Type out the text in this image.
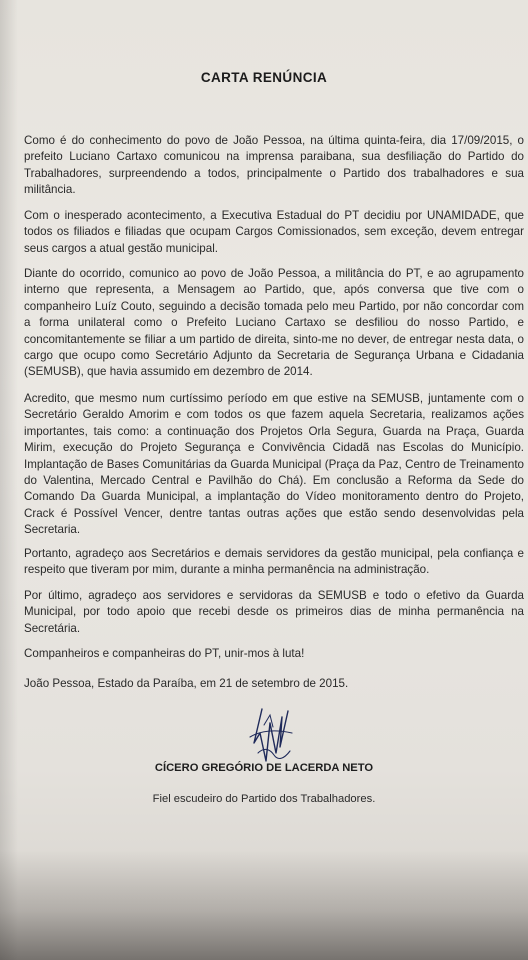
CARTA RENÚNCIA

Como é do conhecimento do povo de João Pessoa, na última quinta-feira, dia 17/09/2015, o prefeito Luciano Cartaxo comunicou na imprensa paraibana, sua desfiliação do Partido do Trabalhadores, surpreendendo a todos, principalmente o Partido dos trabalhadores e sua militância.

Com o inesperado acontecimento, a Executiva Estadual do PT decidiu por UNAMIDADE, que todos os filiados e filiadas que ocupam Cargos Comissionados, sem exceção, devem entregar seus cargos a atual gestão municipal.

Diante do ocorrido, comunico ao povo de João Pessoa, a militância do PT, e ao agrupamento interno que representa, a Mensagem ao Partido, que, após conversa que tive com o companheiro Luíz Couto, seguindo a decisão tomada pelo meu Partido, por não concordar com a forma unilateral como o Prefeito Luciano Cartaxo se desfiliou do nosso Partido, e concomitantemente se filiar a um partido de direita, sinto-me no dever, de entregar nesta data, o cargo que ocupo como Secretário Adjunto da Secretaria de Segurança Urbana e Cidadania (SEMUSB), que havia assumido em dezembro de 2014.

Acredito, que mesmo num curtíssimo período em que estive na SEMUSB, juntamente com o Secretário Geraldo Amorim e com todos os que fazem aquela Secretaria, realizamos ações importantes, tais como: a continuação dos Projetos Orla Segura, Guarda na Praça, Guarda Mirim, execução do Projeto Segurança e Convivência Cidadã nas Escolas do Município. Implantação de Bases Comunitárias da Guarda Municipal (Praça da Paz, Centro de Treinamento do Valentina, Mercado Central e Pavilhão do Chá). Em conclusão a Reforma da Sede do Comando Da Guarda Municipal, a implantação do Vídeo monitoramento dentro do Projeto, Crack é Possível Vencer, dentre tantas outras ações que estão sendo desenvolvidas pela Secretaria.

Portanto, agradeço aos Secretários e demais servidores da gestão municipal, pela confiança e respeito que tiveram por mim, durante a minha permanência na administração.

Por último, agradeço aos servidores e servidoras da SEMUSB e todo o efetivo da Guarda Municipal, por todo apoio que recebi desde os primeiros dias de minha permanência na Secretária.

Companheiros e companheiras do PT, unir-mos à luta!

João Pessoa, Estado da Paraíba, em 21 de setembro de 2015.

CÍCERO GREGÓRIO DE LACERDA NETO
Fiel escudeiro do Partido dos Trabalhadores.
